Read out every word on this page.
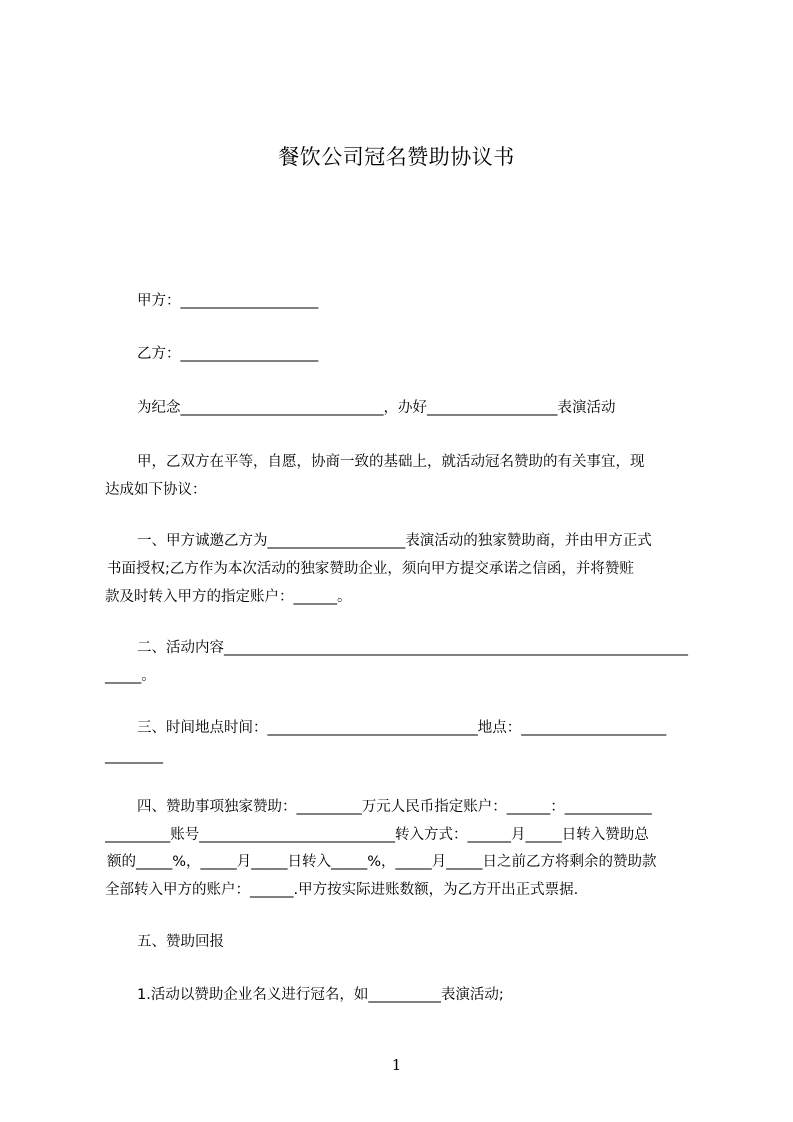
餐饮公司冠名赞助协议书
甲方：___________________
乙方：___________________
为纪念____________________________，办好__________________表演活动
甲，乙双方在平等，自愿，协商一致的基础上，就活动冠名赞助的有关事宜，现
达成如下协议：
一、甲方诚邀乙方为___________________表演活动的独家赞助商，并由甲方正式
书面授权;乙方作为本次活动的独家赞助企业，须向甲方提交承诺之信函，并将赞赃
款及时转入甲方的指定账户：______。
二、活动内容________________________________________________________________
_____。
三、时间地点时间：_____________________________地点：____________________
________
四、赞助事项独家赞助：_________万元人民币指定账户：______：____________
_________账号___________________________转入方式：______月_____日转入赞助总
额的_____%，_____月_____日转入_____%，_____月_____日之前乙方将剩余的赞助款
全部转入甲方的账户：______.甲方按实际进账数额，为乙方开出正式票据.
五、赞助回报
1.活动以赞助企业名义进行冠名，如__________表演活动;
1
